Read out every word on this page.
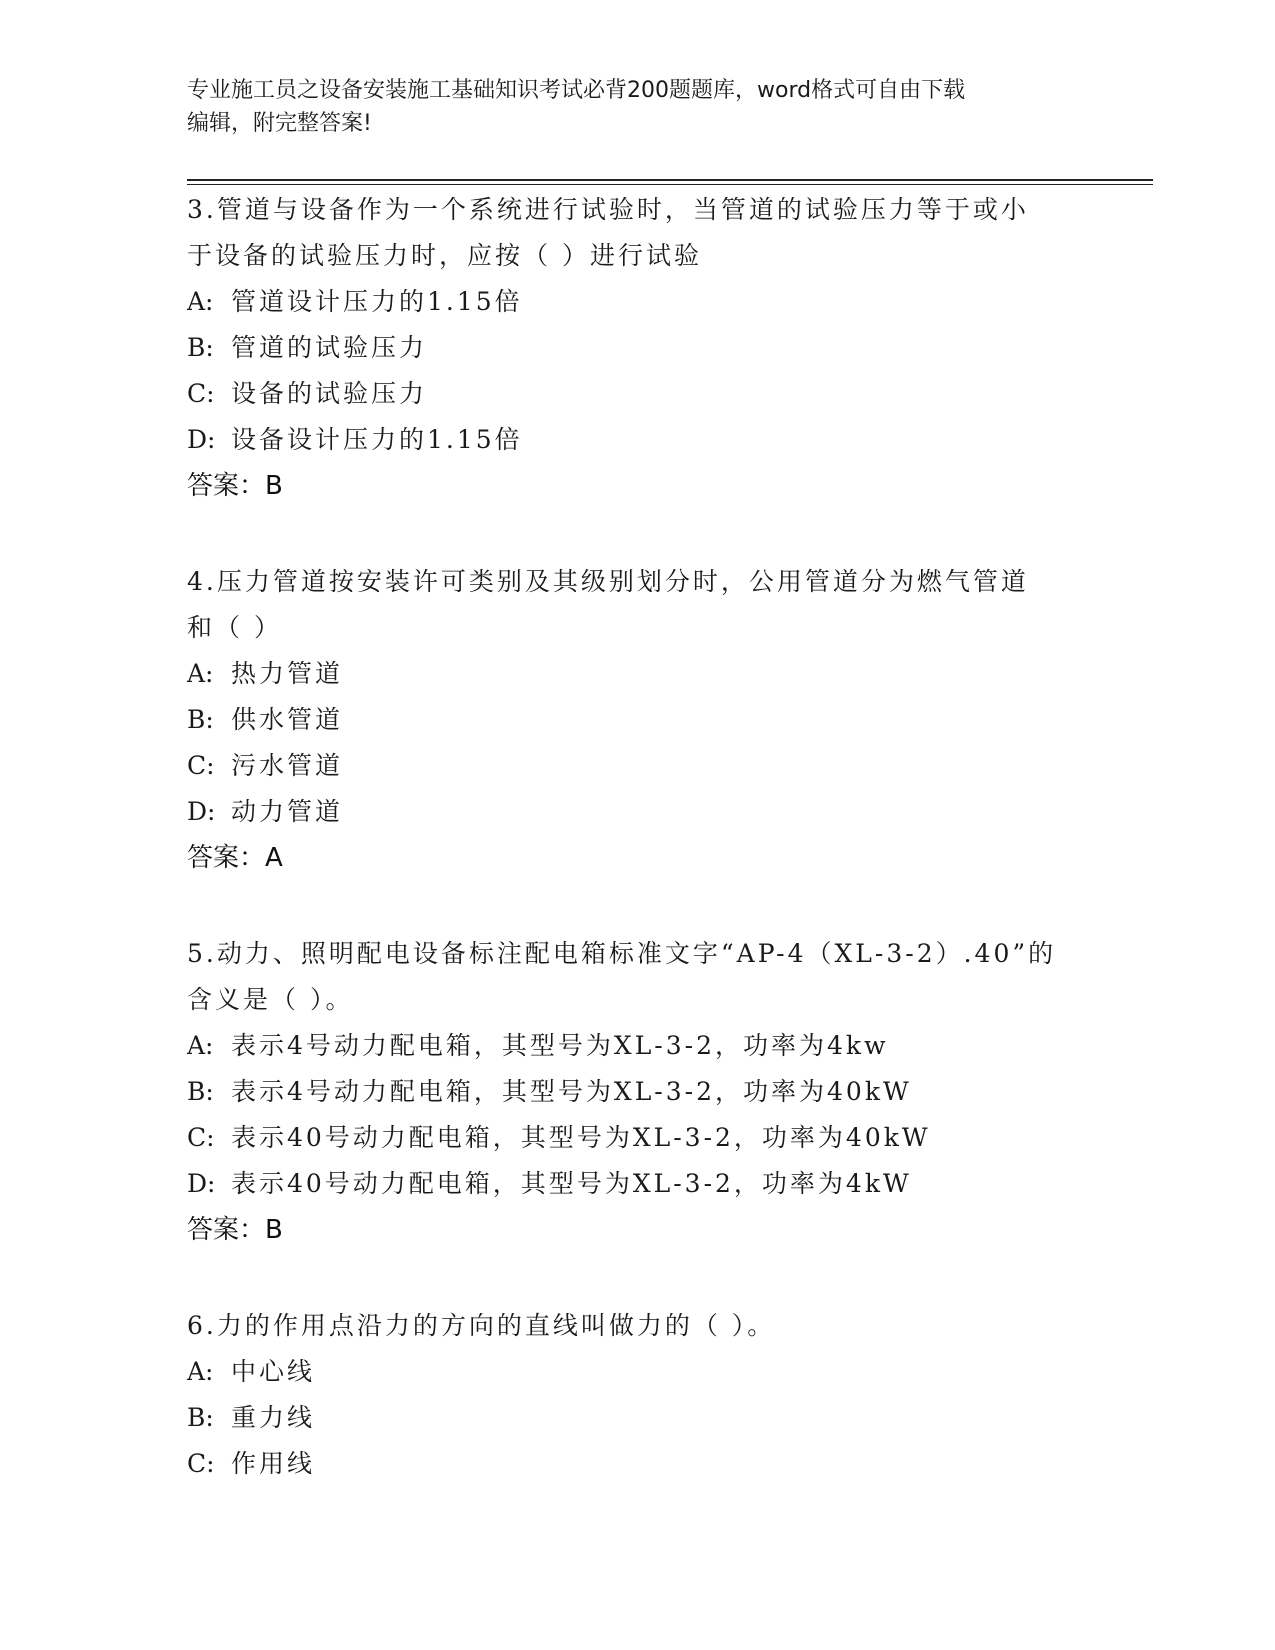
专业施工员之设备安装施工基础知识考试必背200题题库，word格式可自由下载
编辑，附完整答案!
3.管道与设备作为一个系统进行试验时，当管道的试验压力等于或小
于设备的试验压力时，应按（ ）进行试验
A: 管道设计压力的1.15倍
B: 管道的试验压力
C: 设备的试验压力
D: 设备设计压力的1.15倍
答案：B
4.压力管道按安装许可类别及其级别划分时，公用管道分为燃气管道
和（ ）
A: 热力管道
B: 供水管道
C: 污水管道
D: 动力管道
答案：A
5.动力、照明配电设备标注配电箱标准文字“AP-4（XL-3-2）.40”的
含义是（ ）。
A: 表示4号动力配电箱，其型号为XL-3-2，功率为4kw
B: 表示4号动力配电箱，其型号为XL-3-2，功率为40kW
C: 表示40号动力配电箱，其型号为XL-3-2，功率为40kW
D: 表示40号动力配电箱，其型号为XL-3-2，功率为4kW
答案：B
6.力的作用点沿力的方向的直线叫做力的（ ）。
A: 中心线
B: 重力线
C: 作用线
